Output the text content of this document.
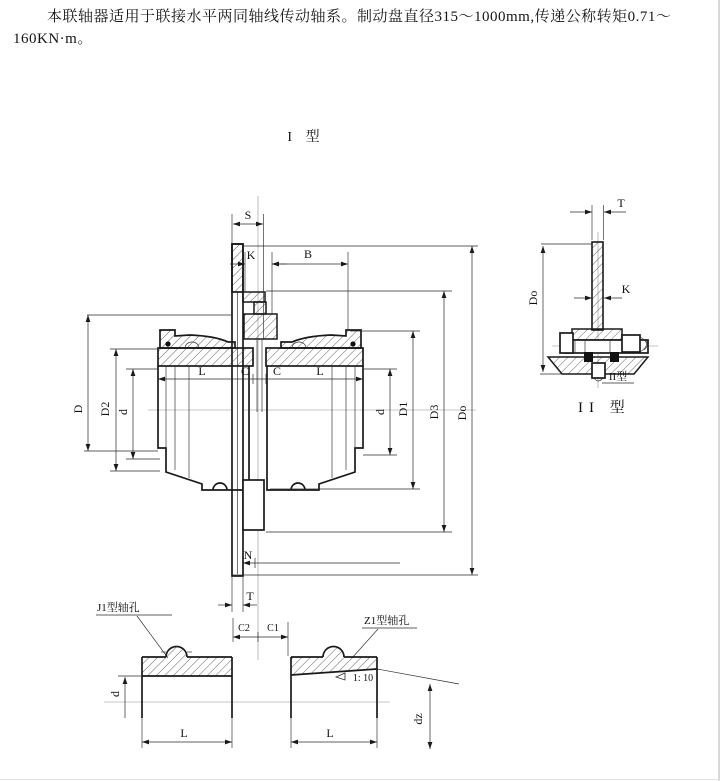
本联轴器适用于联接水平两同轴线传动轴系。制动盘直径315～1000mm,传递公称转矩0.71～
160KN·m。
I 型
S
K	B
L	C C	L
D D2 d	d D1 D3 Do
N
T
T
K
Do
II型
II 型
C2 C1
J1型轴孔
d
L
Z1型轴孔
1: 10
L
dz
